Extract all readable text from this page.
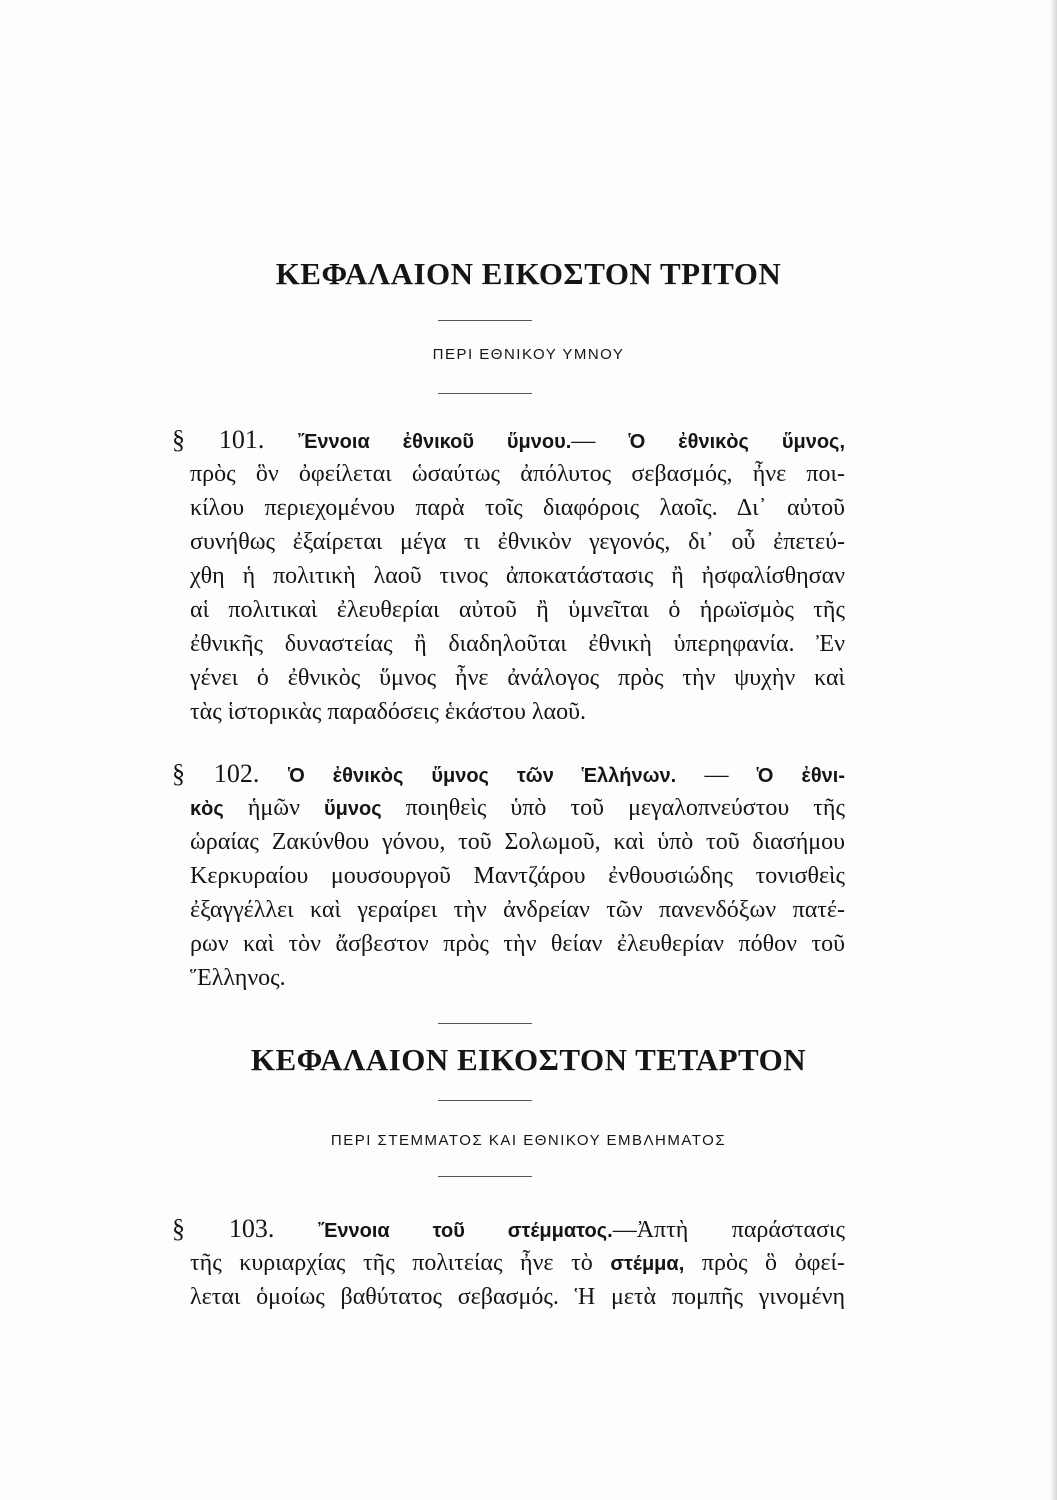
ΚΕΦΑΛΑΙΟΝ ΕΙΚΟΣΤΟΝ ΤΡΙΤΟΝ
ΠΕΡΙ ΕΘΝΙΚΟΥ ΥΜΝΟΥ
§ 101. Ἔννοια ἐθνικοῦ ὕμνου.— Ὁ ἐθνικὸς ὕμνος,
πρὸς ὃν ὀφείλεται ὡσαύτως ἀπόλυτος σεβασμός, ἦνε ποι-
κίλου περιεχομένου παρὰ τοῖς διαφόροις λαοῖς. Δι᾽ αὐτοῦ
συνήθως ἐξαίρεται μέγα τι ἐθνικὸν γεγονός, δι᾽ οὗ ἐπετεύ-
χθη ἡ πολιτικὴ λαοῦ τινος ἀποκατάστασις ἢ ἠσφαλίσθησαν
αἱ πολιτικαὶ ἐλευθερίαι αὐτοῦ ἢ ὑμνεῖται ὁ ἡρωϊσμὸς τῆς
ἐθνικῆς δυναστείας ἢ διαδηλοῦται ἐθνικὴ ὑπερηφανία. Ἐν
γένει ὁ ἐθνικὸς ὕμνος ἦνε ἀνάλογος πρὸς τὴν ψυχὴν καὶ
τὰς ἱστορικὰς παραδόσεις ἑκάστου λαοῦ.
§ 102. Ὁ ἐθνικὸς ὕμνος τῶν Ἑλλήνων. — Ὁ ἐθνι-
κὸς ἡμῶν ὕμνος ποιηθεὶς ὑπὸ τοῦ μεγαλοπνεύστου τῆς
ὡραίας Ζακύνθου γόνου, τοῦ Σολωμοῦ, καὶ ὑπὸ τοῦ διασήμου
Κερκυραίου μουσουργοῦ Μαντζάρου ἐνθουσιώδης τονισθεὶς
ἐξαγγέλλει καὶ γεραίρει τὴν ἀνδρείαν τῶν πανενδόξων πατέ-
ρων καὶ τὸν ἄσβεστον πρὸς τὴν θείαν ἐλευθερίαν πόθον τοῦ
Ἕλληνος.
§ 103. Ἔννοια τοῦ στέμματος.—Ἀπτὴ παράστασις
τῆς κυριαρχίας τῆς πολιτείας ἦνε τὸ στέμμα, πρὸς ὃ ὀφεί-
λεται ὁμοίως βαθύτατος σεβασμός. Ἡ μετὰ πομπῆς γινομένη
ΚΕΦΑΛΑΙΟΝ ΕΙΚΟΣΤΟΝ ΤΕΤΑΡΤΟΝ
ΠΕΡΙ ΣΤΕΜΜΑΤΟΣ ΚΑΙ ΕΘΝΙΚΟΥ ΕΜΒΛΗΜΑΤΟΣ
